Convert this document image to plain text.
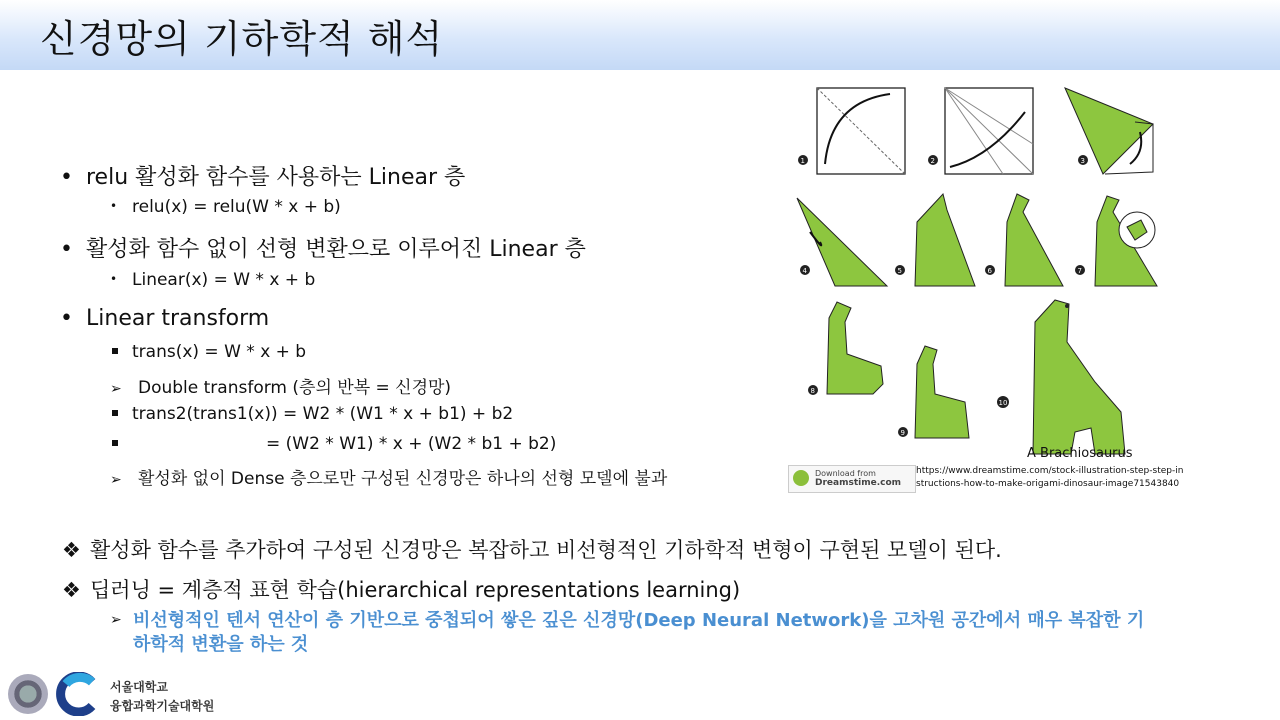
신경망의 기하학적 해석
• relu 활성화 함수를 사용하는 Linear 층
• relu(x) = relu(W * x + b)
• 활성화 함수 없이 선형 변환으로 이루어진 Linear 층
• Linear(x) = W * x + b
• Linear transform
trans(x) = W * x + b
➢ Double transform (층의 반복 = 신경망)
trans2(trans1(x)) = W2 * (W1 * x + b1) + b2
= (W2 * W1) * x + (W2 * b1 + b2)
➢ 활성화 없이 Dense 층으로만 구성된 신경망은 하나의 선형 모델에 불과
1	2	3
4	5	6	7
8
9
10
A Brachiosaurus
Download from
Dreamstime.com
https://www.dreamstime.com/stock-illustration-step-step-instructions-how-to-make-origami-dinosaur-image71543840
❖ 활성화 함수를 추가하여 구성된 신경망은 복잡하고 비선형적인 기하학적 변형이 구현된 모델이 된다.
❖ 딥러닝 = 계층적 표현 학습(hierarchical representations learning)
➢ 비선형적인 텐서 연산이 층 기반으로 중첩되어 쌓은 깊은 신경망(Deep Neural Network)을 고차원 공간에서 매우 복잡한 기하학적 변환을 하는 것
서울대학교
융합과학기술대학원
